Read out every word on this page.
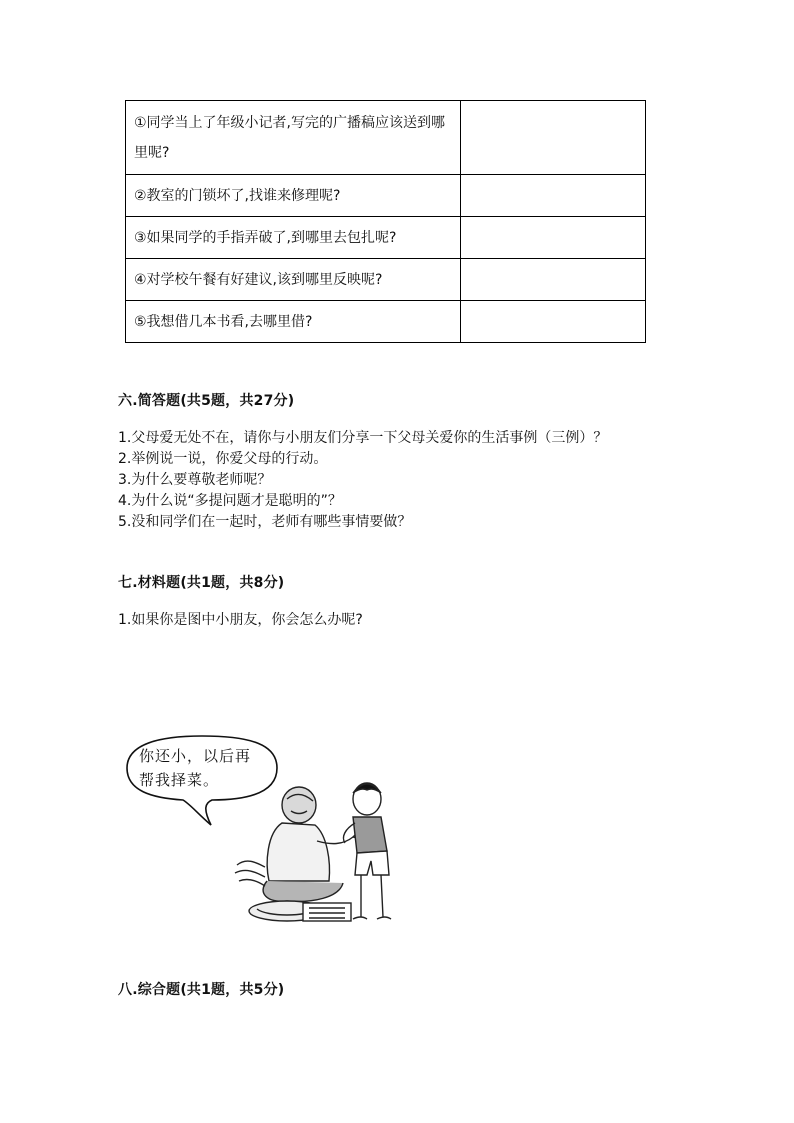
①同学当上了年级小记者,写完的广播稿应该送到哪里呢?	
②教室的门锁坏了,找谁来修理呢?	
③如果同学的手指弄破了,到哪里去包扎呢?	
④对学校午餐有好建议,该到哪里反映呢?	
⑤我想借几本书看,去哪里借?	
六.简答题(共5题，共27分)
1.父母爱无处不在，请你与小朋友们分享一下父母关爱你的生活事例（三例）？
2.举例说一说，你爱父母的行动。
3.为什么要尊敬老师呢？
4.为什么说“多提问题才是聪明的”？
5.没和同学们在一起时，老师有哪些事情要做？
七.材料题(共1题，共8分)
1.如果你是图中小朋友，你会怎么办呢?
你还小，以后再
帮我择菜。
八.综合题(共1题，共5分)
